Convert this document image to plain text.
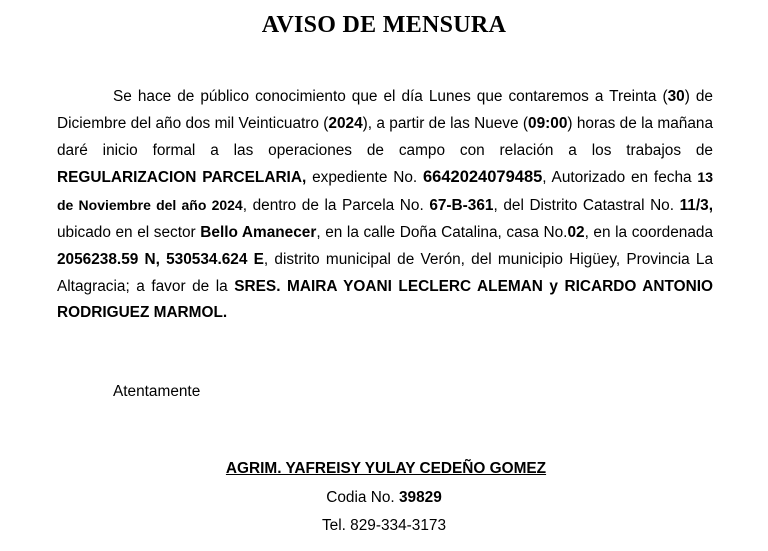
AVISO DE MENSURA
Se hace de público conocimiento que el día Lunes que contaremos a Treinta (30) de Diciembre del año dos mil Veinticuatro (2024), a partir de las Nueve (09:00) horas de la mañana daré inicio formal a las operaciones de campo con relación a los trabajos de REGULARIZACION PARCELARIA, expediente No. 6642024079485, Autorizado en fecha 13 de Noviembre del año 2024, dentro de la Parcela No. 67-B-361, del Distrito Catastral No. 11/3, ubicado en el sector Bello Amanecer, en la calle Doña Catalina, casa No.02, en la coordenada 2056238.59 N, 530534.624 E, distrito municipal de Verón, del municipio Higüey, Provincia La Altagracia; a favor de la SRES. MAIRA YOANI LECLERC ALEMAN y RICARDO ANTONIO RODRIGUEZ MARMOL.
Atentamente
AGRIM. YAFREISY YULAY CEDEÑO GOMEZ
Codia No. 39829
Tel. 829-334-3173
